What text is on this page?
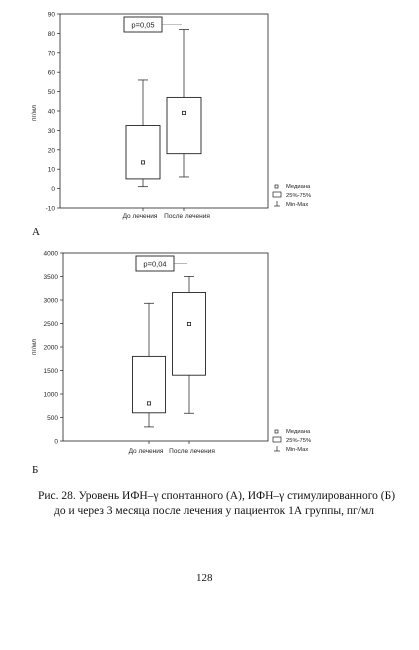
-10
0
10
20
30
40
50
60
70
80
90
пг/мл
До лечения После лечения
p=0,05
Медиана
25%-75%
Min-Max
0
500
1000
1500
2000
2500
3000
3500
4000
пг/мл
До лечения После лечения
p=0,04
Медиана
25%-75%
Min-Max
А
Б
Рис. 28. Уровень ИФН–γ спонтанного (А), ИФН–γ стимулированного (Б)
до и через 3 месяца после лечения у пациенток 1А группы, пг/мл
128
